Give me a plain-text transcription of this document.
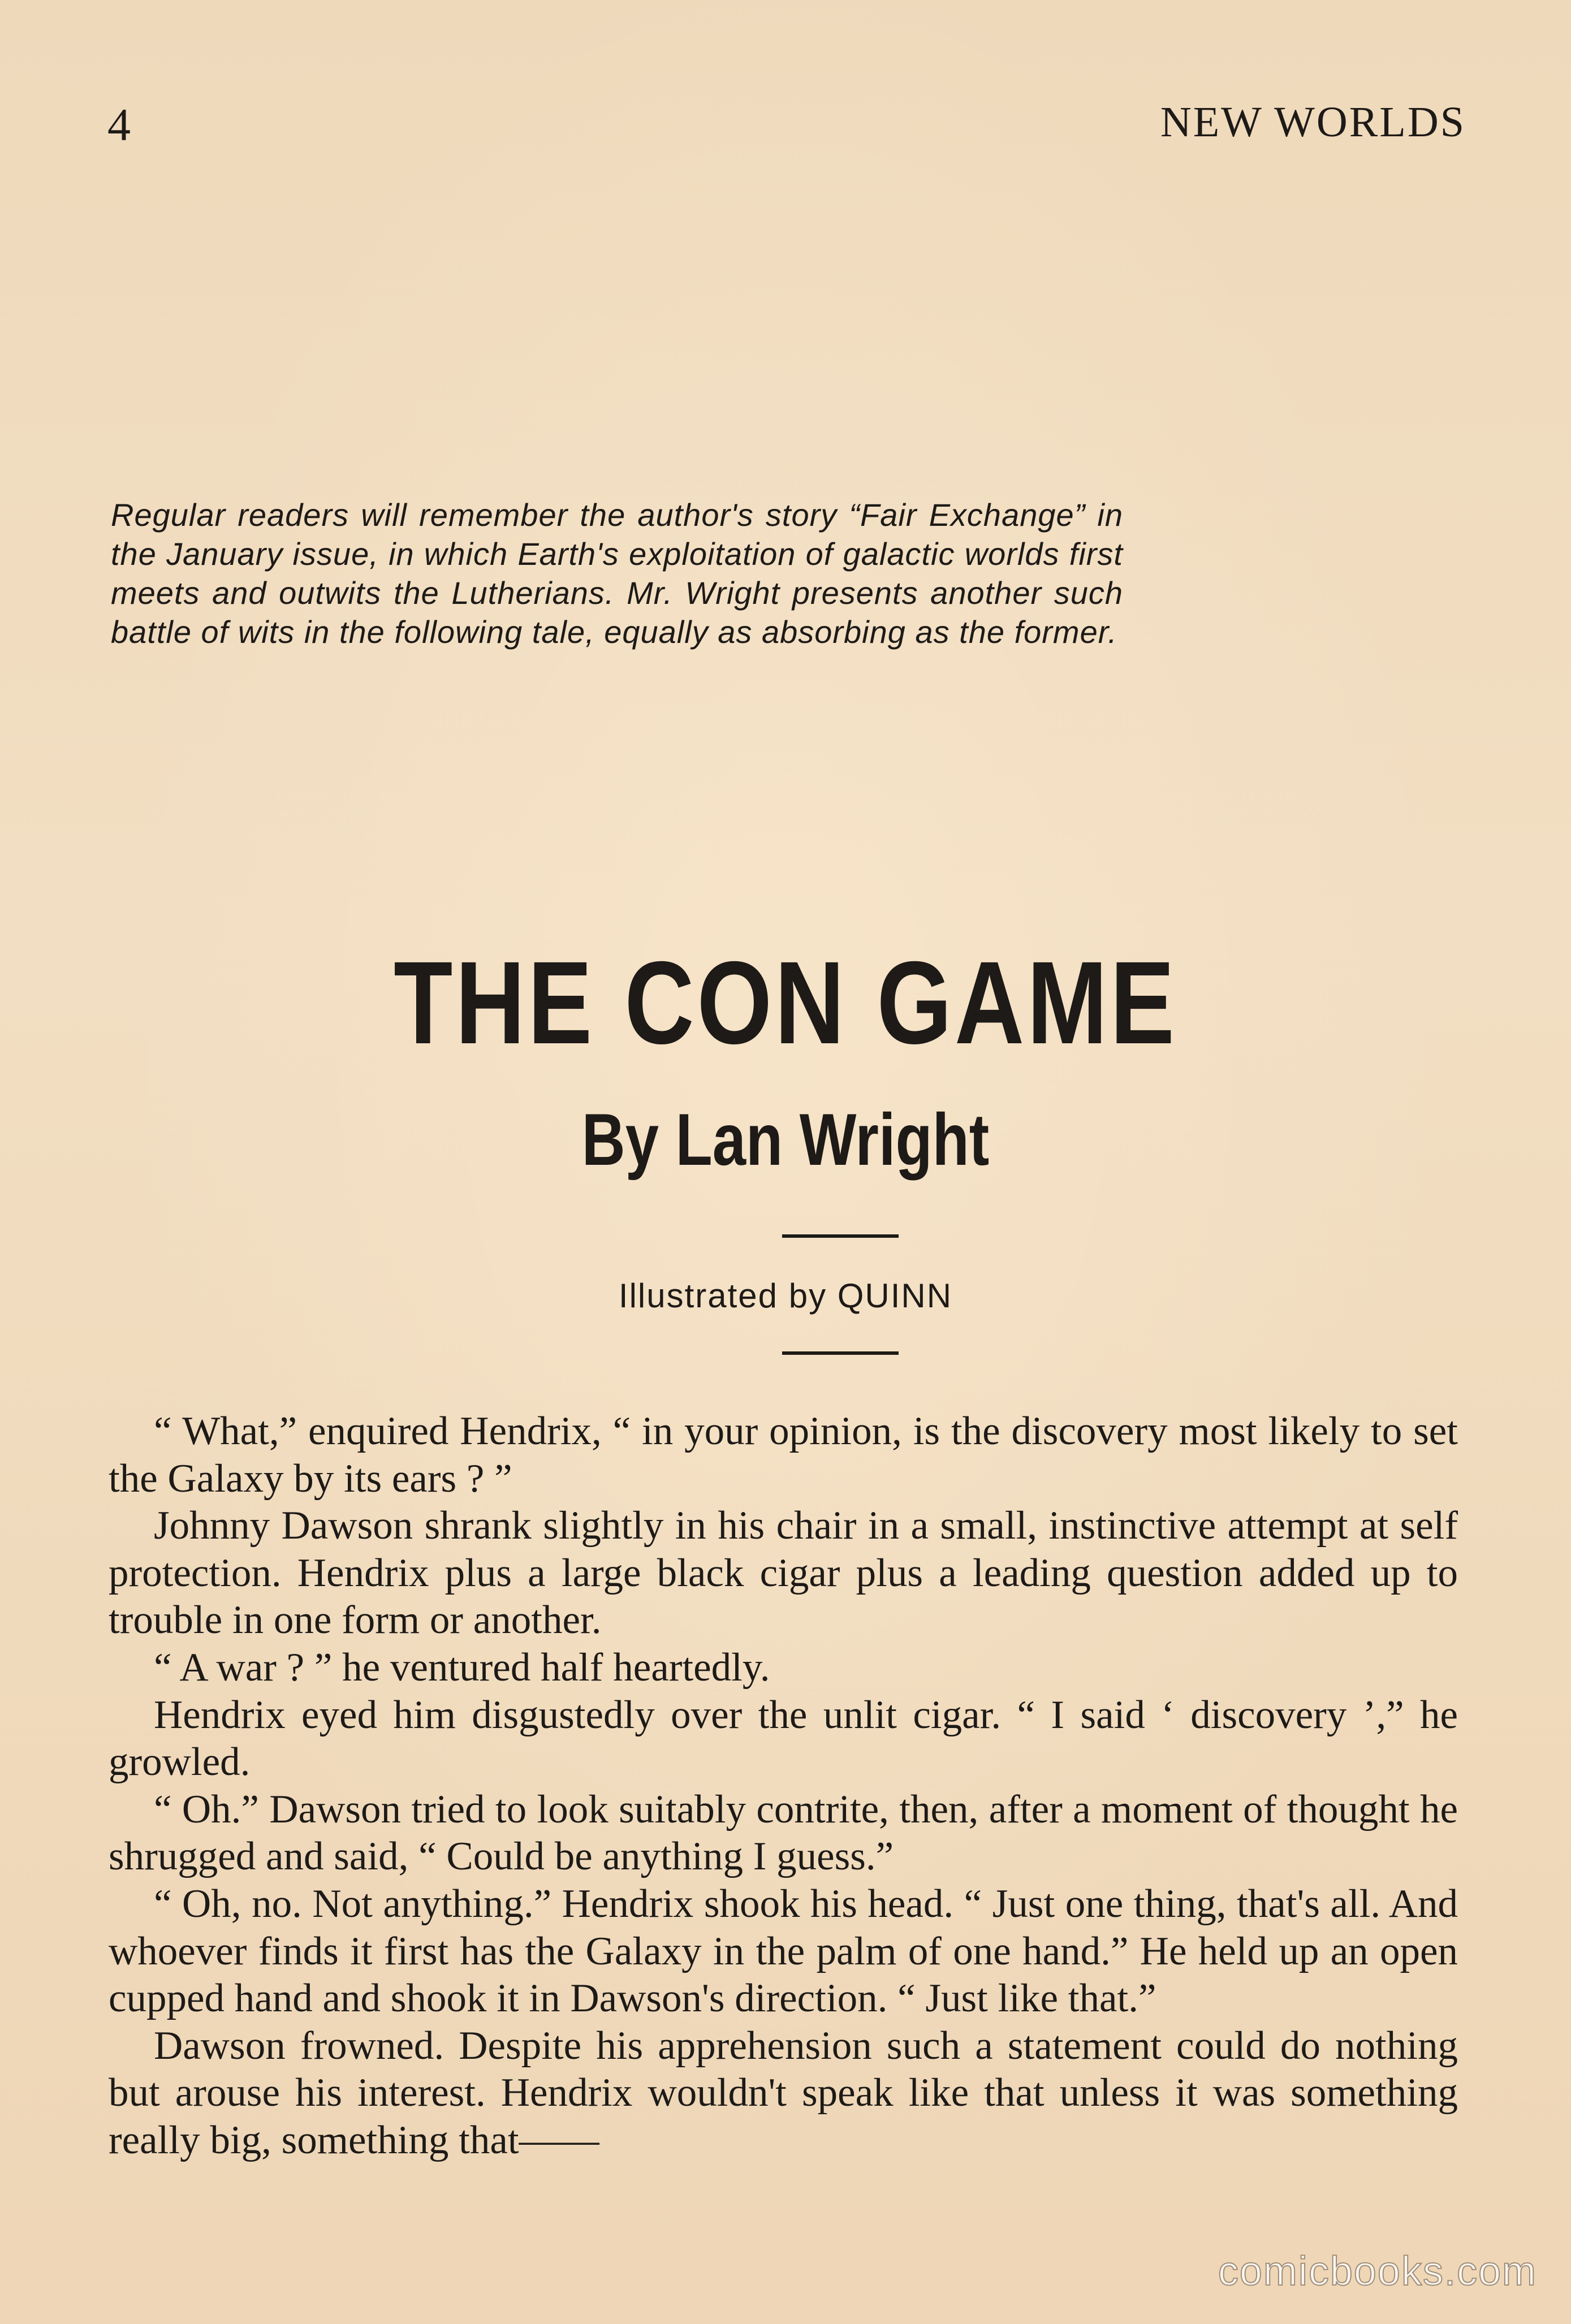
4	NEW WORLDS

Regular readers will remember the author's story “Fair Exchange” in the January issue, in which Earth's exploitation of galactic worlds first meets and outwits the Lutherians. Mr. Wright presents another such battle of wits in the following tale, equally as absorbing as the former.

THE CON GAME
By Lan Wright
Illustrated by QUINN

“ What,” enquired Hendrix, “ in your opinion, is the discovery most likely to set the Galaxy by its ears ? ”

Johnny Dawson shrank slightly in his chair in a small, instinctive attempt at self protection. Hendrix plus a large black cigar plus a leading question added up to trouble in one form or another.

“ A war ? ” he ventured half heartedly.

Hendrix eyed him disgustedly over the unlit cigar. “ I said ‘ discovery ’,” he growled.

“ Oh.” Dawson tried to look suitably contrite, then, after a moment of thought he shrugged and said, “ Could be anything I guess.”

“ Oh, no. Not anything.” Hendrix shook his head. “ Just one thing, that's all. And whoever finds it first has the Galaxy in the palm of one hand.” He held up an open cupped hand and shook it in Dawson's direction. “ Just like that.”

Dawson frowned. Despite his apprehension such a statement could do nothing but arouse his interest. Hendrix wouldn't speak like that unless it was something really big, something that——

comicbooks.com
